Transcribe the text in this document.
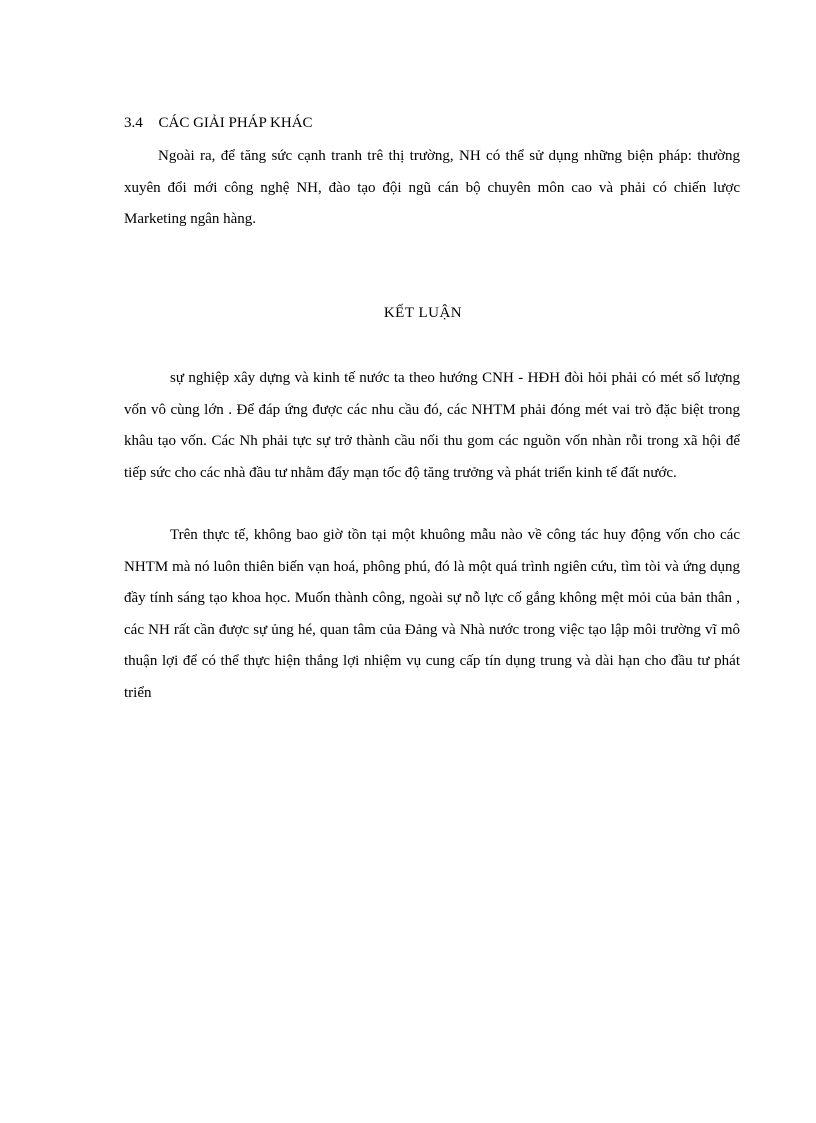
3.4 CÁC GIẢI PHÁP KHÁC

Ngoài ra, để tăng sức cạnh tranh trê thị trường, NH có thể sử dụng những biện pháp: thường xuyên đổi mới công nghệ NH, đào tạo đội ngũ cán bộ chuyên môn cao và phải có chiến lược Marketing ngân hàng.

KẾT LUẬN

sự nghiệp xây dựng và kinh tế nước ta theo hướng CNH - HĐH đòi hỏi phải có mét số lượng vốn vô cùng lớn . Để đáp ứng được các nhu cầu đó, các NHTM phải đóng mét vai trò đặc biệt trong khâu tạo vốn. Các Nh phải tực sự trở thành cầu nối thu gom các nguồn vốn nhàn rỗi trong xã hội để tiếp sức cho các nhà đầu tư nhằm đẩy mạn tốc độ tăng trưởng và phát triển kinh tế đất nước.

Trên thực tế, không bao giờ tồn tại một khuông mẫu nào về công tác huy động vốn cho các NHTM mà nó luôn thiên biến vạn hoá, phông phú, đó là một quá trình ngiên cứu, tìm tòi và ứng dụng đầy tính sáng tạo khoa học. Muốn thành công, ngoài sự nỗ lực cố gắng không mệt mỏi của bản thân , các NH rất cần được sự ủng hé, quan tâm của Đảng và Nhà nước trong việc tạo lập môi trường vĩ mô thuận lợi để có thể thực hiện thắng lợi nhiệm vụ cung cấp tín dụng trung và dài hạn cho đầu tư phát triển
